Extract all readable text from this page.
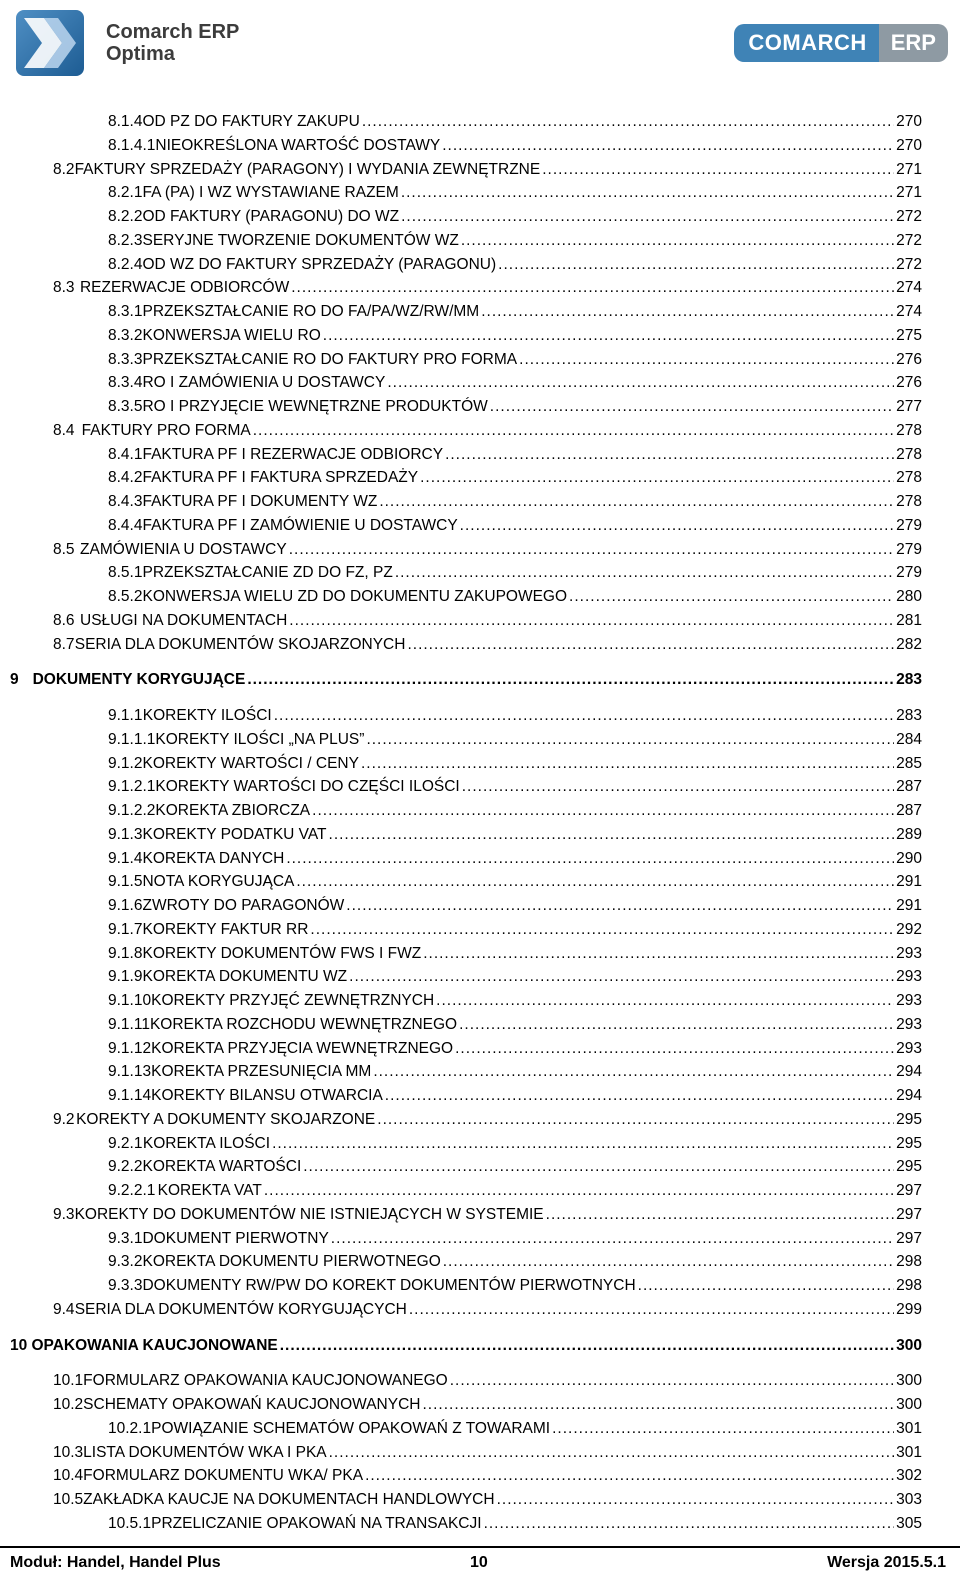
Comarch ERP
Optima	COMARCH	ERP
8.1.4 OD PZ DO FAKTURY ZAKUPU .....	270
8.1.4.1 NIEOKREŚLONA WARTOŚĆ DOSTAWY .....	270
8.2 FAKTURY SPRZEDAŻY (PARAGONY) I WYDANIA ZEWNĘTRZNE .....	271
8.2.1 FA (PA) I WZ WYSTAWIANE RAZEM .....	271
8.2.2 OD FAKTURY (PARAGONU) DO WZ .....	272
8.2.3 SERYJNE TWORZENIE DOKUMENTÓW WZ .....	272
8.2.4 OD WZ DO FAKTURY SPRZEDAŻY (PARAGONU) .....	272
8.3 REZERWACJE ODBIORCÓW .....	274
8.3.1 PRZEKSZTAŁCANIE RO DO FA/PA/WZ/RW/MM .....	274
8.3.2 KONWERSJA WIELU RO .....	275
8.3.3 PRZEKSZTAŁCANIE RO DO FAKTURY PRO FORMA .....	276
8.3.4 RO I ZAMÓWIENIA U DOSTAWCY .....	276
8.3.5 RO I PRZYJĘCIE WEWNĘTRZNE PRODUKTÓW .....	277
8.4 FAKTURY PRO FORMA .....	278
8.4.1 FAKTURA PF I REZERWACJE ODBIORCY .....	278
8.4.2 FAKTURA PF I FAKTURA SPRZEDAŻY .....	278
8.4.3 FAKTURA PF I DOKUMENTY WZ .....	278
8.4.4 FAKTURA PF I ZAMÓWIENIE U DOSTAWCY .....	279
8.5 ZAMÓWIENIA U DOSTAWCY .....	279
8.5.1 PRZEKSZTAŁCANIE ZD DO FZ, PZ .....	279
8.5.2 KONWERSJA WIELU ZD DO DOKUMENTU ZAKUPOWEGO .....	280
8.6 USŁUGI NA DOKUMENTACH .....	281
8.7 SERIA DLA DOKUMENTÓW SKOJARZONYCH .....	282
9 DOKUMENTY KORYGUJĄCE .....	283
9.1.1 KOREKTY ILOŚCI .....	283
9.1.1.1 KOREKTY ILOŚCI „NA PLUS” .....	284
9.1.2 KOREKTY WARTOŚCI / CENY .....	285
9.1.2.1 KOREKTY WARTOŚCI DO CZĘŚCI ILOŚCI .....	287
9.1.2.2 KOREKTA ZBIORCZA .....	287
9.1.3 KOREKTY PODATKU VAT .....	289
9.1.4 KOREKTA DANYCH .....	290
9.1.5 NOTA KORYGUJĄCA .....	291
9.1.6 ZWROTY DO PARAGONÓW .....	291
9.1.7 KOREKTY FAKTUR RR .....	292
9.1.8 KOREKTY DOKUMENTÓW FWS I FWZ .....	293
9.1.9 KOREKTA DOKUMENTU WZ .....	293
9.1.10 KOREKTY PRZYJĘĆ ZEWNĘTRZNYCH .....	293
9.1.11 KOREKTA ROZCHODU WEWNĘTRZNEGO .....	293
9.1.12 KOREKTA PRZYJĘCIA WEWNĘTRZNEGO .....	293
9.1.13 KOREKTA PRZESUNIĘCIA MM .....	294
9.1.14 KOREKTY BILANSU OTWARCIA .....	294
9.2 KOREKTY A DOKUMENTY SKOJARZONE .....	295
9.2.1 KOREKTA ILOŚCI .....	295
9.2.2 KOREKTA WARTOŚCI .....	295
9.2.2.1 KOREKTA VAT .....	297
9.3 KOREKTY DO DOKUMENTÓW NIE ISTNIEJĄCYCH W SYSTEMIE .....	297
9.3.1 DOKUMENT PIERWOTNY .....	297
9.3.2 KOREKTA DOKUMENTU PIERWOTNEGO .....	298
9.3.3 DOKUMENTY RW/PW DO KOREKT DOKUMENTÓW PIERWOTNYCH .....	298
9.4 SERIA DLA DOKUMENTÓW KORYGUJĄCYCH .....	299
10 OPAKOWANIA KAUCJONOWANE .....	300
10.1 FORMULARZ OPAKOWANIA KAUCJONOWANEGO .....	300
10.2 SCHEMATY OPAKOWAŃ KAUCJONOWANYCH .....	300
10.2.1 POWIĄZANIE SCHEMATÓW OPAKOWAŃ Z TOWARAMI .....	301
10.3 LISTA DOKUMENTÓW WKA I PKA .....	301
10.4 FORMULARZ DOKUMENTU WKA/ PKA .....	302
10.5 ZAKŁADKA KAUCJE NA DOKUMENTACH HANDLOWYCH .....	303
10.5.1 PRZELICZANIE OPAKOWAŃ NA TRANSAKCJI .....	305
Moduł: Handel, Handel Plus	10	Wersja 2015.5.1
